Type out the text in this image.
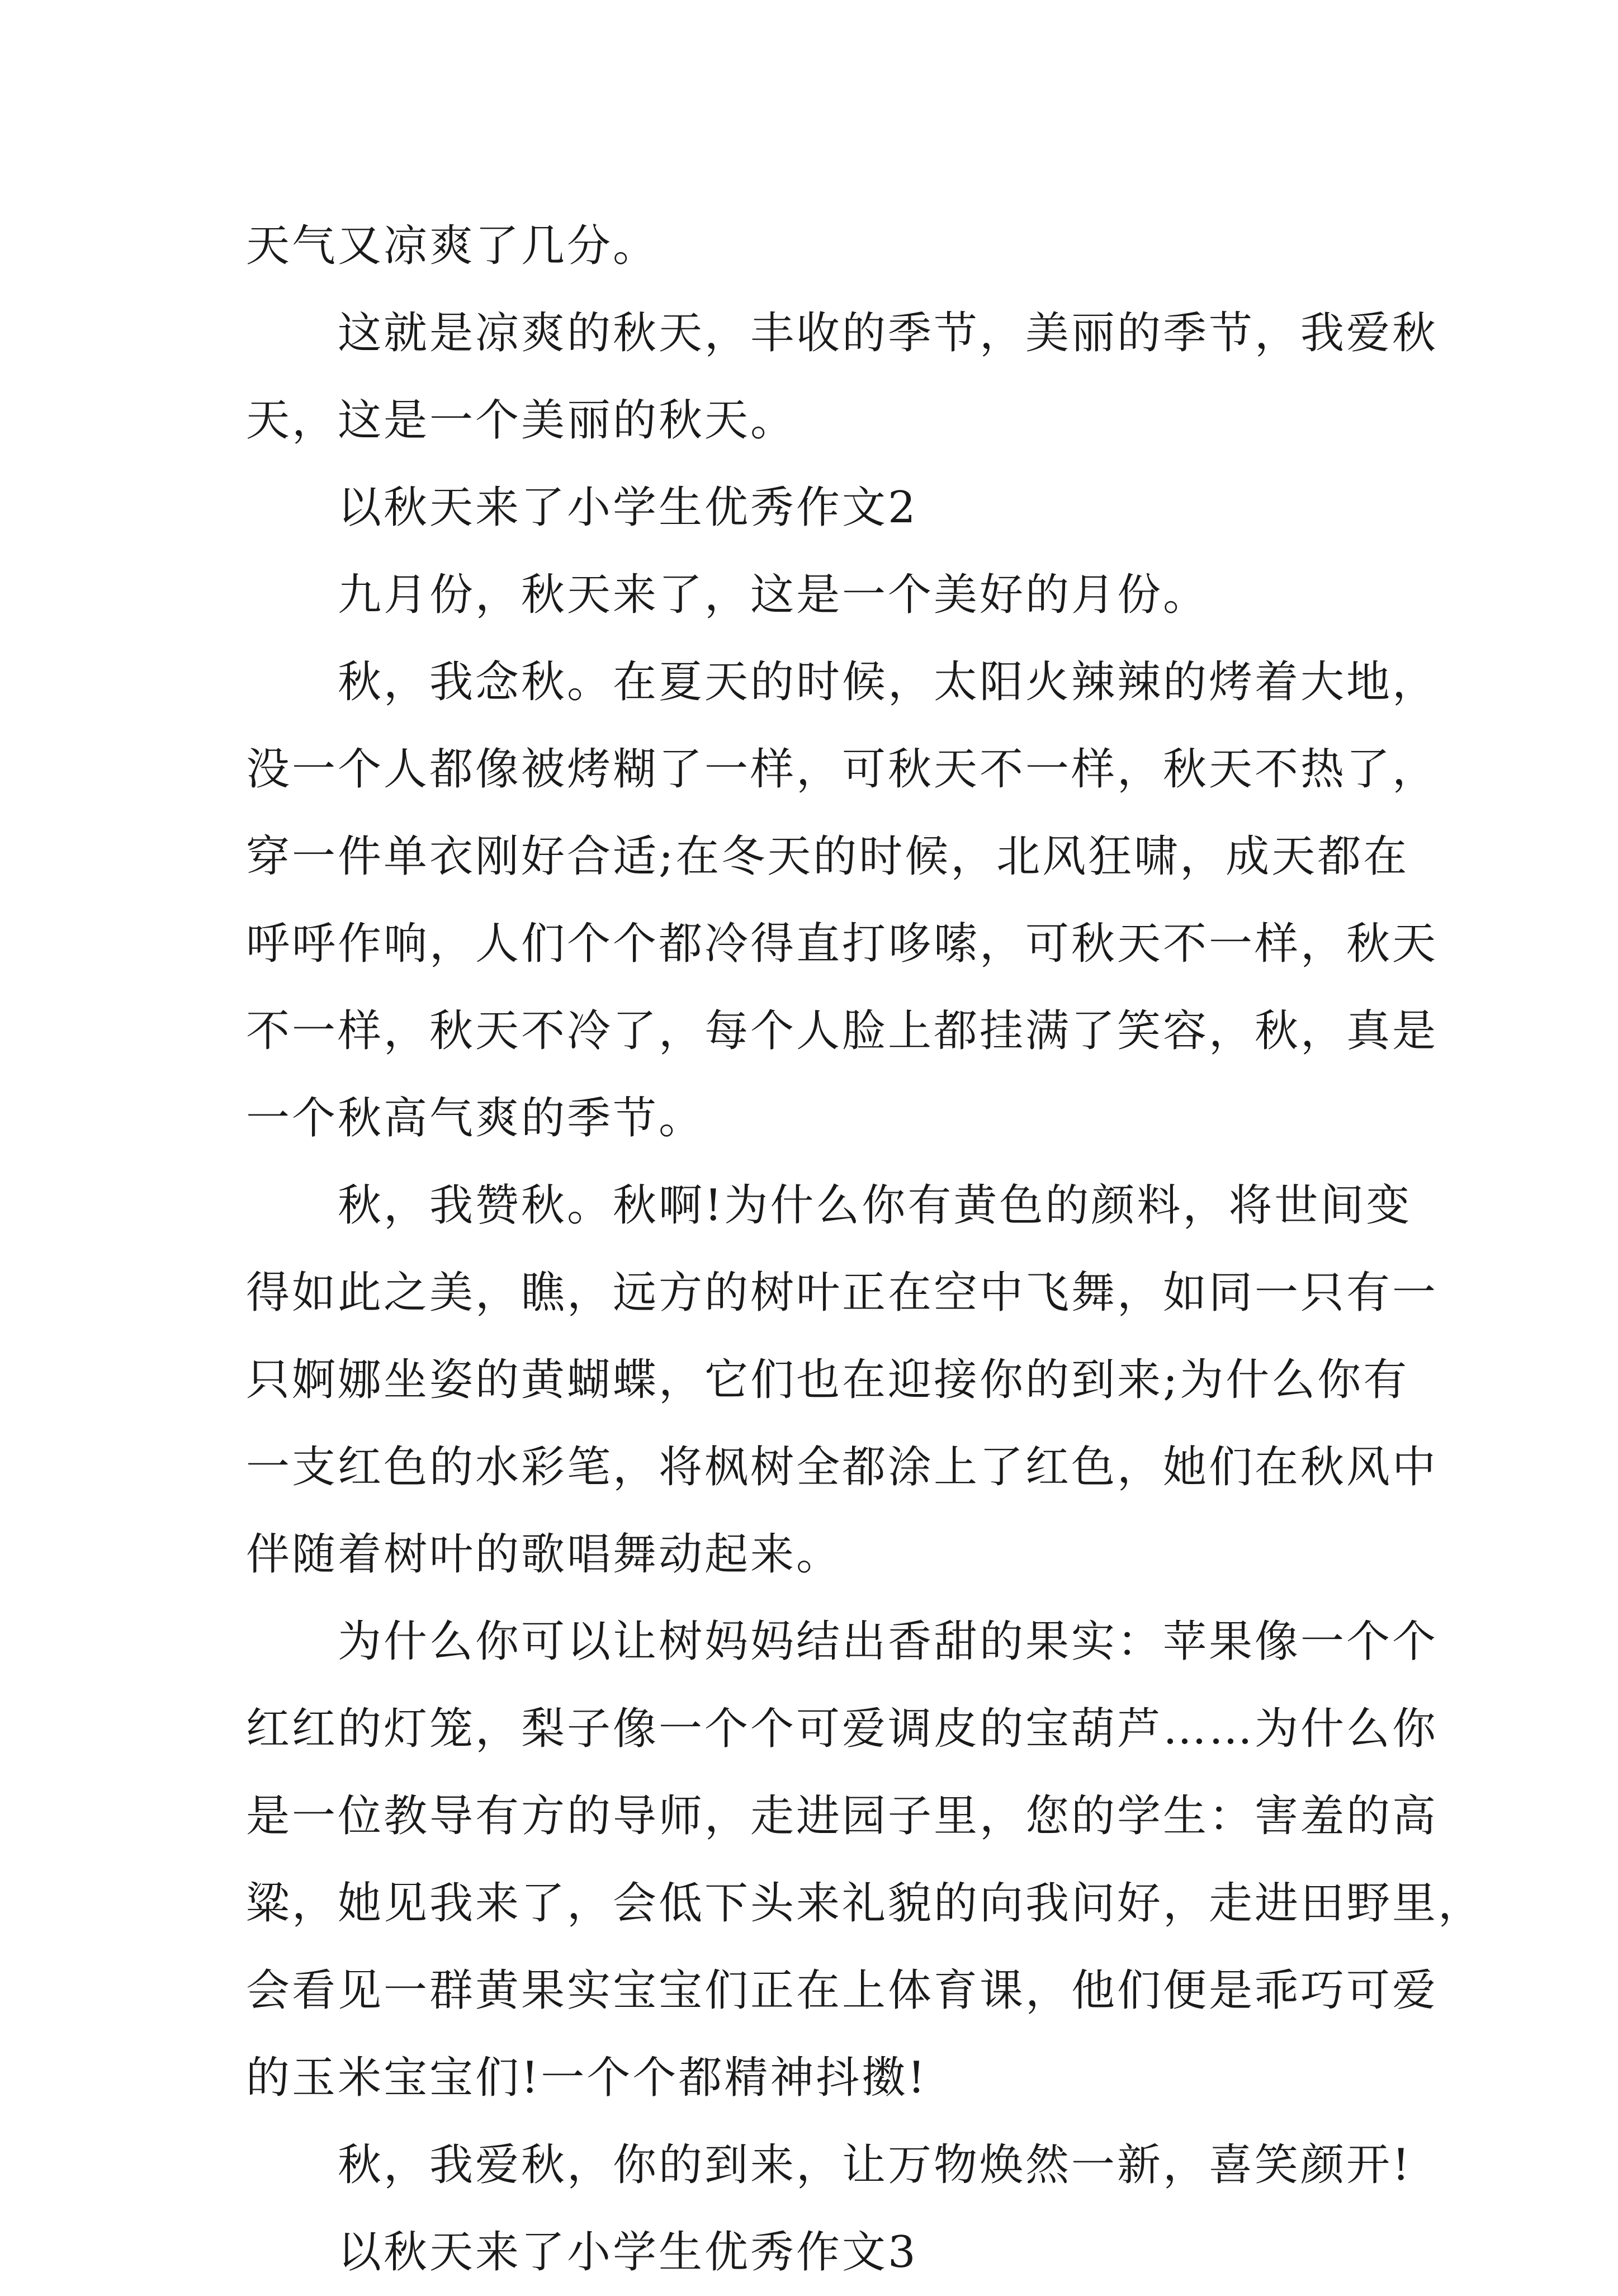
天气又凉爽了几分。
　　这就是凉爽的秋天，丰收的季节，美丽的季节，我爱秋
天，这是一个美丽的秋天。
　　以秋天来了小学生优秀作文2
　　九月份，秋天来了，这是一个美好的月份。
　　秋，我念秋。在夏天的时候，太阳火辣辣的烤着大地，
没一个人都像被烤糊了一样，可秋天不一样，秋天不热了，
穿一件单衣刚好合适;在冬天的时候，北风狂啸，成天都在
呼呼作响，人们个个都冷得直打哆嗦，可秋天不一样，秋天
不一样，秋天不冷了，每个人脸上都挂满了笑容，秋，真是
一个秋高气爽的季节。
　　秋，我赞秋。秋啊!为什么你有黄色的颜料，将世间变
得如此之美，瞧，远方的树叶正在空中飞舞，如同一只有一
只婀娜坐姿的黄蝴蝶，它们也在迎接你的到来;为什么你有
一支红色的水彩笔，将枫树全都涂上了红色，她们在秋风中
伴随着树叶的歌唱舞动起来。
　　为什么你可以让树妈妈结出香甜的果实：苹果像一个个
红红的灯笼，梨子像一个个可爱调皮的宝葫芦……为什么你
是一位教导有方的导师，走进园子里，您的学生：害羞的高
粱，她见我来了，会低下头来礼貌的向我问好，走进田野里，
会看见一群黄果实宝宝们正在上体育课，他们便是乖巧可爱
的玉米宝宝们!一个个都精神抖擞!
　　秋，我爱秋，你的到来，让万物焕然一新，喜笑颜开!
　　以秋天来了小学生优秀作文3
